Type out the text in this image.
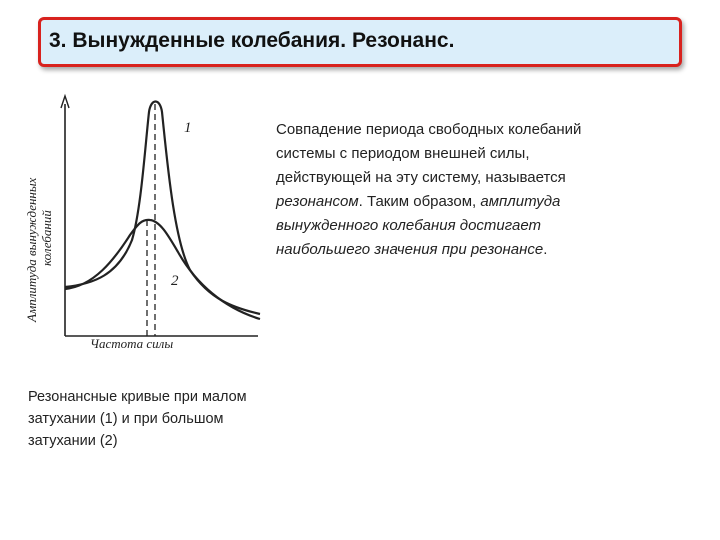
3. Вынужденные колебания. Резонанс.
1
2
Амплитуда вынужденных колебаний
Частота силы
Совпадение периода свободных колебаний системы с периодом внешней силы, действующей на эту систему, называется резонансом. Таким образом, амплитуда вынужденного колебания достигает наибольшего значения при резонансе.
Резонансные кривые при малом затухании (1) и при большом затухании (2)
